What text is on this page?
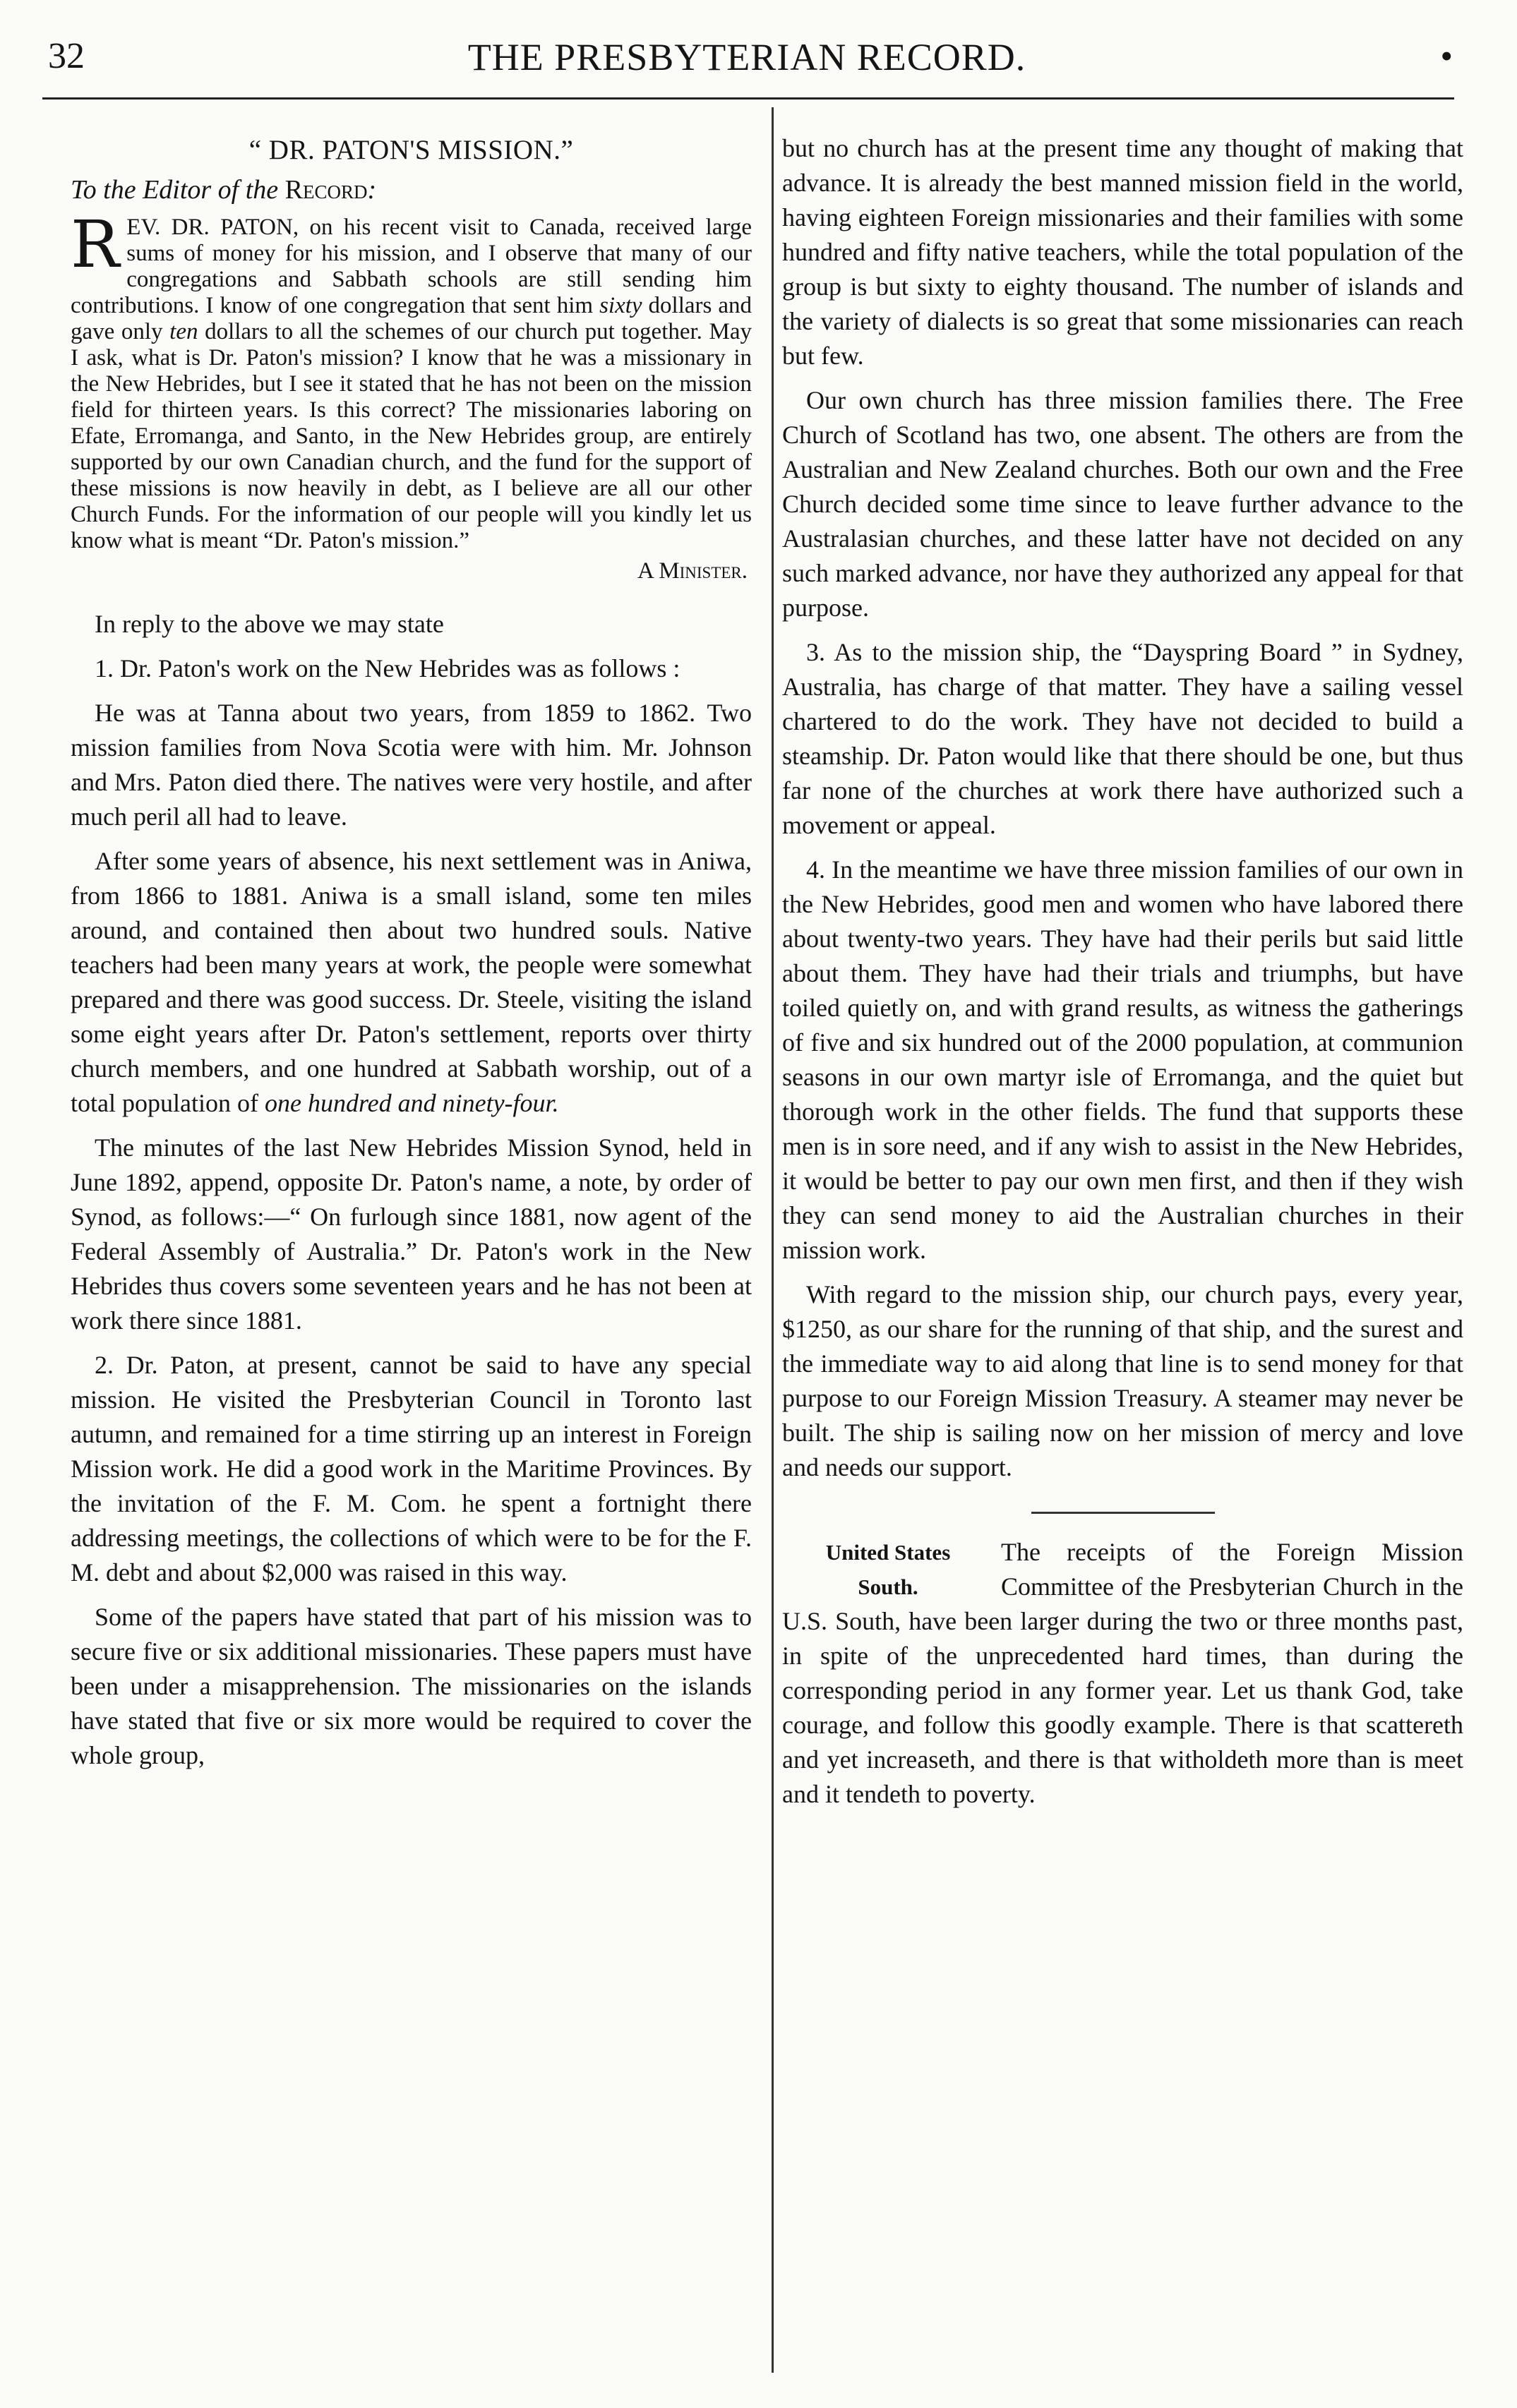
32	THE PRESBYTERIAN RECORD.	•
“ DR. PATON'S MISSION.”
To the Editor of the Record:
R EV. DR. PATON, on his recent visit to Canada, received large sums of money for his mission, and I observe that many of our congregations and Sabbath schools are still sending him contributions. I know of one congregation that sent him sixty dollars and gave only ten dollars to all the schemes of our church put together. May I ask, what is Dr. Paton's mission? I know that he was a missionary in the New Hebrides, but I see it stated that he has not been on the mission field for thirteen years. Is this correct? The missionaries laboring on Efate, Erromanga, and Santo, in the New Hebrides group, are entirely supported by our own Canadian church, and the fund for the support of these missions is now heavily in debt, as I believe are all our other Church Funds. For the information of our people will you kindly let us know what is meant “Dr. Paton's mission.”
A Minister.

In reply to the above we may state

1. Dr. Paton's work on the New Hebrides was as follows :

He was at Tanna about two years, from 1859 to 1862. Two mission families from Nova Scotia were with him. Mr. Johnson and Mrs. Paton died there. The natives were very hostile, and after much peril all had to leave.

After some years of absence, his next settlement was in Aniwa, from 1866 to 1881. Aniwa is a small island, some ten miles around, and contained then about two hundred souls. Native teachers had been many years at work, the people were somewhat prepared and there was good success. Dr. Steele, visiting the island some eight years after Dr. Paton's settlement, reports over thirty church members, and one hundred at Sabbath worship, out of a total population of one hundred and ninety-four.

The minutes of the last New Hebrides Mission Synod, held in June 1892, append, opposite Dr. Paton's name, a note, by order of Synod, as follows:—“ On furlough since 1881, now agent of the Federal Assembly of Australia.” Dr. Paton's work in the New Hebrides thus covers some seventeen years and he has not been at work there since 1881.

2. Dr. Paton, at present, cannot be said to have any special mission. He visited the Presbyterian Council in Toronto last autumn, and remained for a time stirring up an interest in Foreign Mission work. He did a good work in the Maritime Provinces. By the invitation of the F. M. Com. he spent a fortnight there addressing meetings, the collections of which were to be for the F. M. debt and about $2,000 was raised in this way.

Some of the papers have stated that part of his mission was to secure five or six additional missionaries. These papers must have been under a misapprehension. The missionaries on the islands have stated that five or six more would be required to cover the whole group,

but no church has at the present time any thought of making that advance. It is already the best manned mission field in the world, having eighteen Foreign missionaries and their families with some hundred and fifty native teachers, while the total population of the group is but sixty to eighty thousand. The number of islands and the variety of dialects is so great that some missionaries can reach but few.

Our own church has three mission families there. The Free Church of Scotland has two, one absent. The others are from the Australian and New Zealand churches. Both our own and the Free Church decided some time since to leave further advance to the Australasian churches, and these latter have not decided on any such marked advance, nor have they authorized any appeal for that purpose.

3. As to the mission ship, the “Dayspring Board ” in Sydney, Australia, has charge of that matter. They have a sailing vessel chartered to do the work. They have not decided to build a steamship. Dr. Paton would like that there should be one, but thus far none of the churches at work there have authorized such a movement or appeal.

4. In the meantime we have three mission families of our own in the New Hebrides, good men and women who have labored there about twenty-two years. They have had their perils but said little about them. They have had their trials and triumphs, but have toiled quietly on, and with grand results, as witness the gatherings of five and six hundred out of the 2000 population, at communion seasons in our own martyr isle of Erromanga, and the quiet but thorough work in the other fields. The fund that supports these men is in sore need, and if any wish to assist in the New Hebrides, it would be better to pay our own men first, and then if they wish they can send money to aid the Australian churches in their mission work.

With regard to the mission ship, our church pays, every year, $1250, as our share for the running of that ship, and the surest and the immediate way to aid along that line is to send money for that purpose to our Foreign Mission Treasury. A steamer may never be built. The ship is sailing now on her mission of mercy and love and needs our support.

United States
South.
The receipts of the Foreign Mission Committee of the Presbyterian Church in the U.S. South, have been larger during the two or three months past, in spite of the unprecedented hard times, than during the corresponding period in any former year. Let us thank God, take courage, and follow this goodly example. There is that scattereth and yet increaseth, and there is that witholdeth more than is meet and it tendeth to poverty.
